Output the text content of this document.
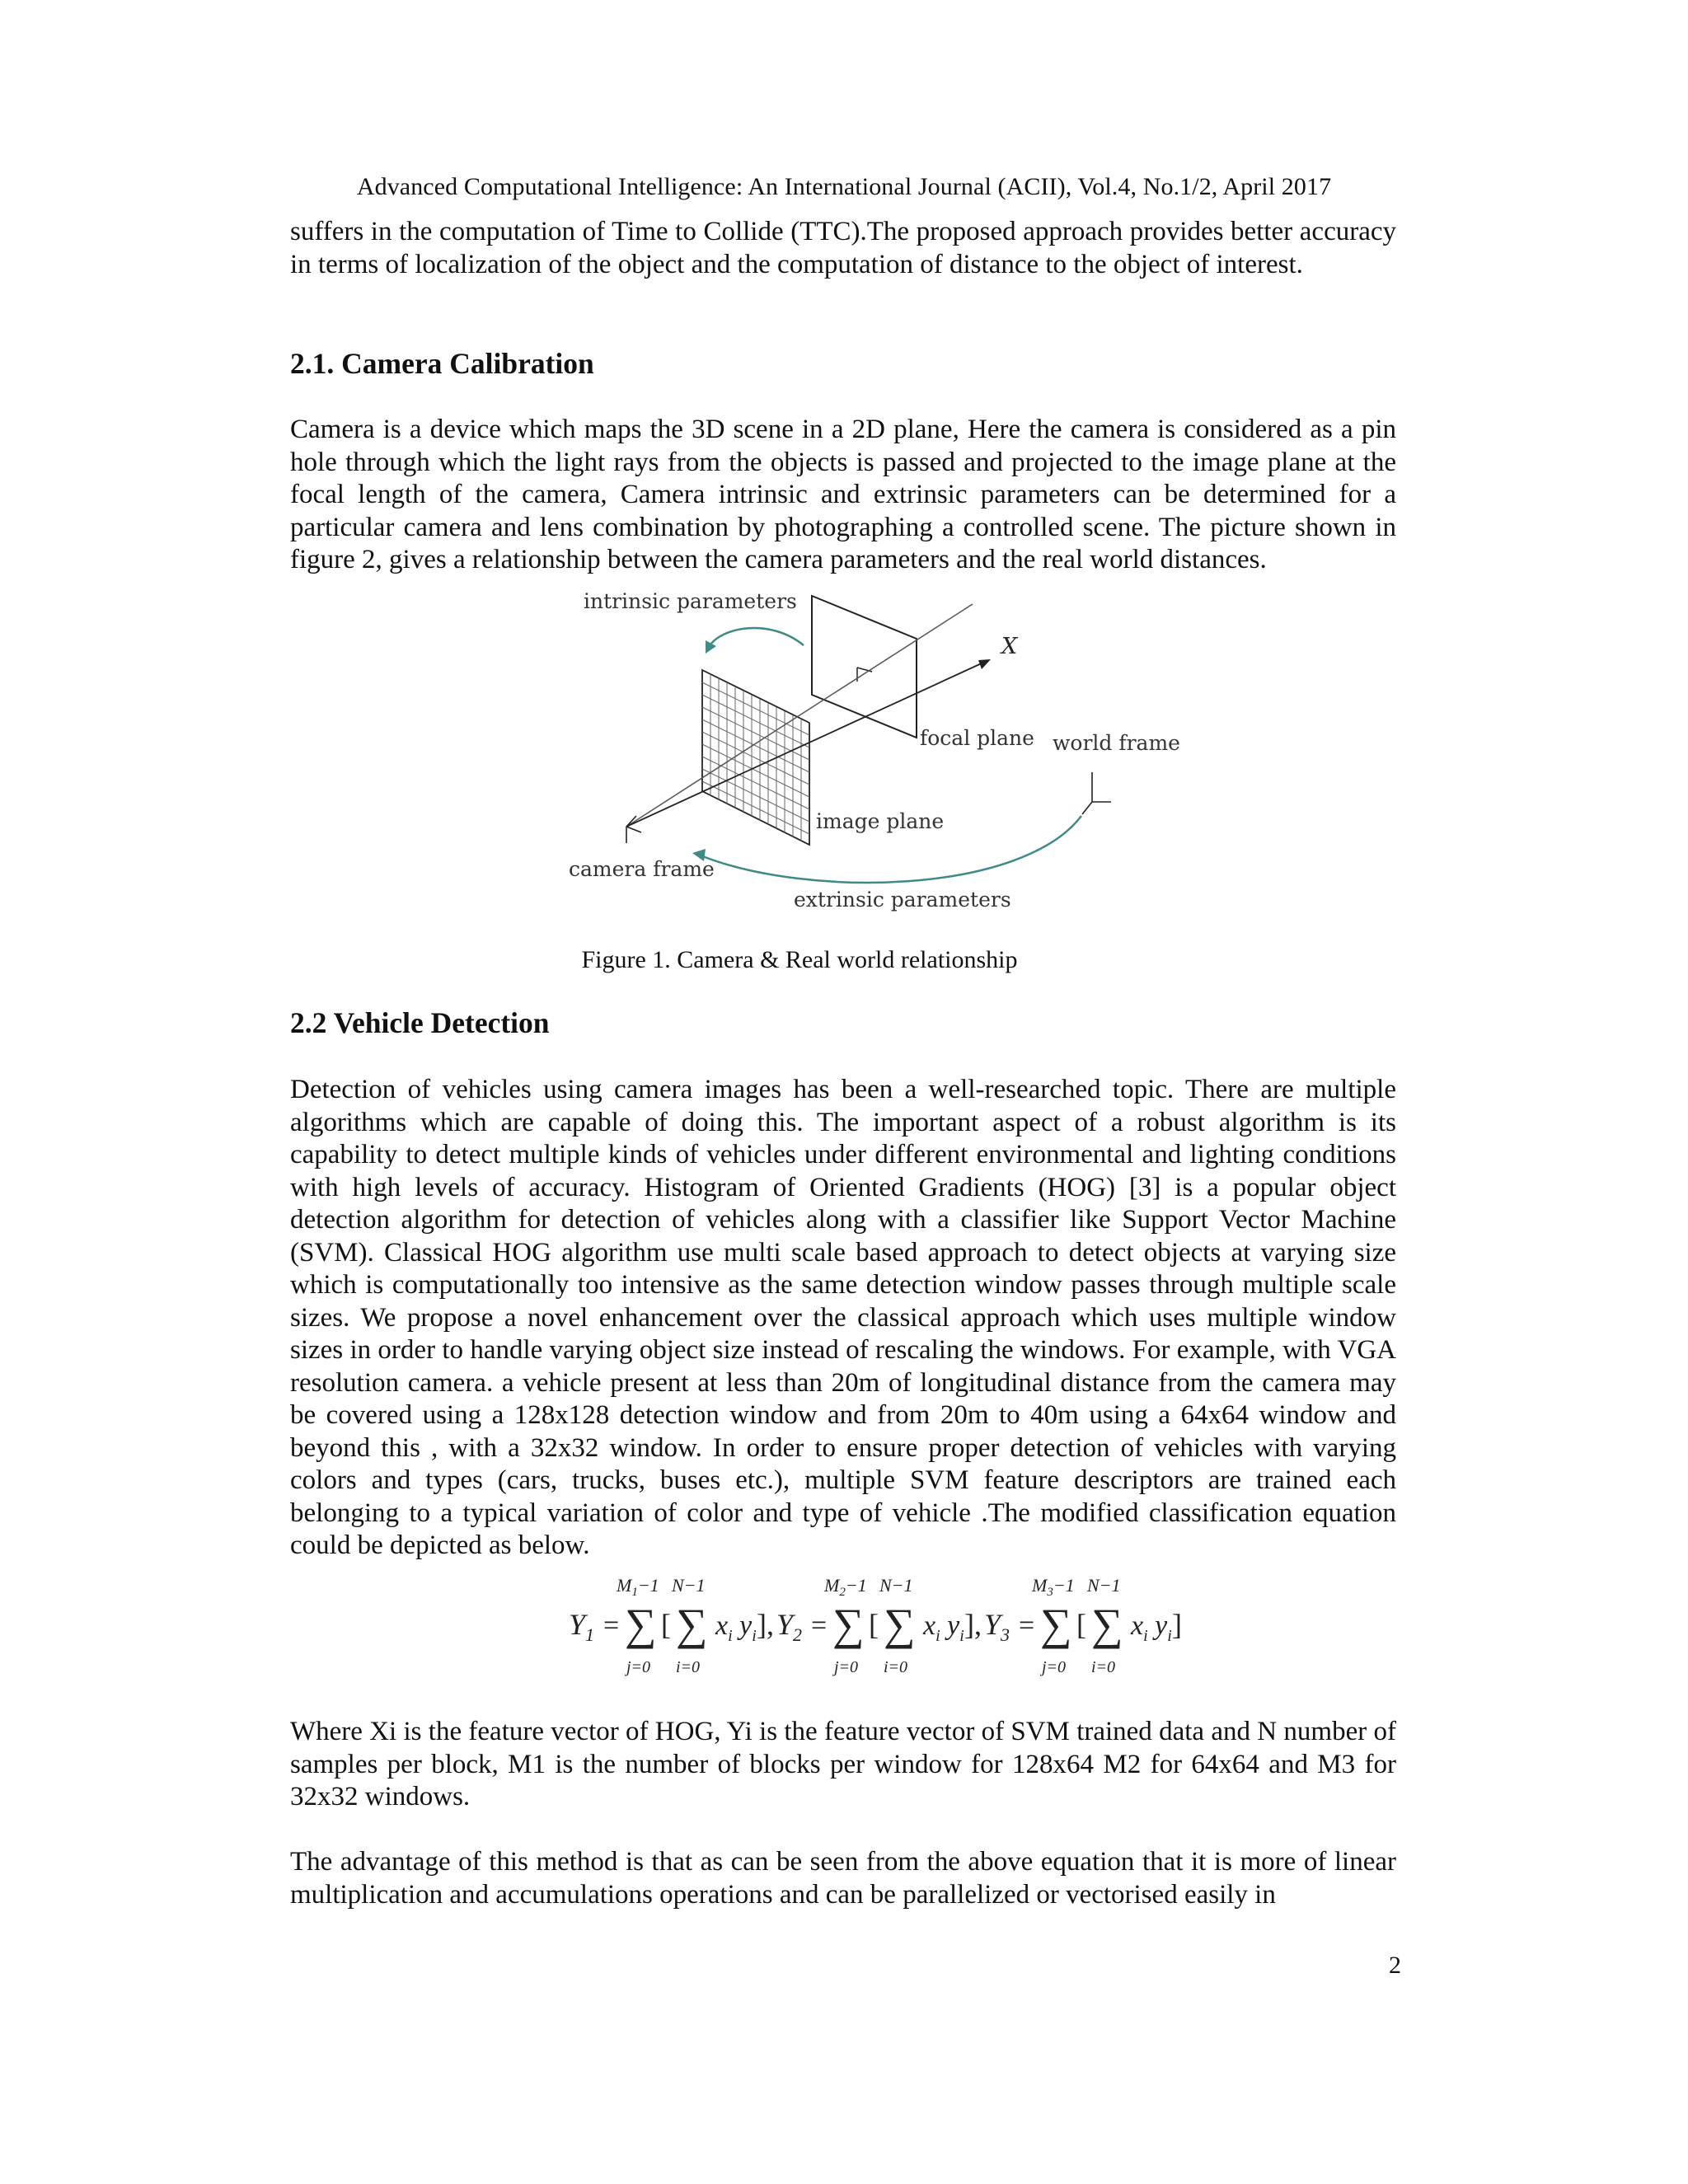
Advanced Computational Intelligence: An International Journal (ACII), Vol.4, No.1/2, April 2017

suffers in the computation of Time to Collide (TTC).The proposed approach provides better accuracy in terms of localization of the object and the computation of distance to the object of interest.

2.1. Camera Calibration

Camera is a device which maps the 3D scene in a 2D plane, Here the camera is considered as a pin hole through which the light rays from the objects is passed and projected to the image plane at the focal length of the camera, Camera intrinsic and extrinsic parameters can be determined for a particular camera and lens combination by photographing a controlled scene. The picture shown in figure 2, gives a relationship between the camera parameters and the real world distances.

intrinsic parameters
X
focal plane world frame
image plane
camera frame
extrinsic parameters
Figure 1. Camera & Real world relationship
2.2 Vehicle Detection

Detection of vehicles using camera images has been a well-researched topic. There are multiple algorithms which are capable of doing this. The important aspect of a robust algorithm is its capability to detect multiple kinds of vehicles under different environmental and lighting conditions with high levels of accuracy. Histogram of Oriented Gradients (HOG) [3] is a popular object detection algorithm for detection of vehicles along with a classifier like Support Vector Machine (SVM). Classical HOG algorithm use multi scale based approach to detect objects at varying size which is computationally too intensive as the same detection window passes through multiple scale sizes. We propose a novel enhancement over the classical approach which uses multiple window sizes in order to handle varying object size instead of rescaling the windows. For example, with VGA resolution camera. a vehicle present at less than 20m of longitudinal distance from the camera may be covered using a 128x128 detection window and from 20m to 40m using a 64x64 window and beyond this , with a 32x32 window. In order to ensure proper detection of vehicles with varying colors and types (cars, trucks, buses etc.), multiple SVM feature descriptors are trained each belonging to a typical variation of color and type of vehicle .The modified classification equation could be depicted as below.

$Y_1$ = ∑
$M_1-1$
j=0
[ ∑
N−1
i=0
$x_i$ $y_i$ ], $Y_2$ = ∑
$M_2-1$
j=0
[ ∑
N−1
i=0
$x_i$ $y_i$ ], $Y_3$ = ∑
$M_3-1$
j=0
[ ∑
N−1
i=0
$x_i$ $y_i$ ]

Where Xi is the feature vector of HOG, Yi is the feature vector of SVM trained data and N number of samples per block, M1 is the number of blocks per window for 128x64 M2 for 64x64 and M3 for 32x32 windows.

The advantage of this method is that as can be seen from the above equation that it is more of linear multiplication and accumulations operations and can be parallelized or vectorised easily in

2
